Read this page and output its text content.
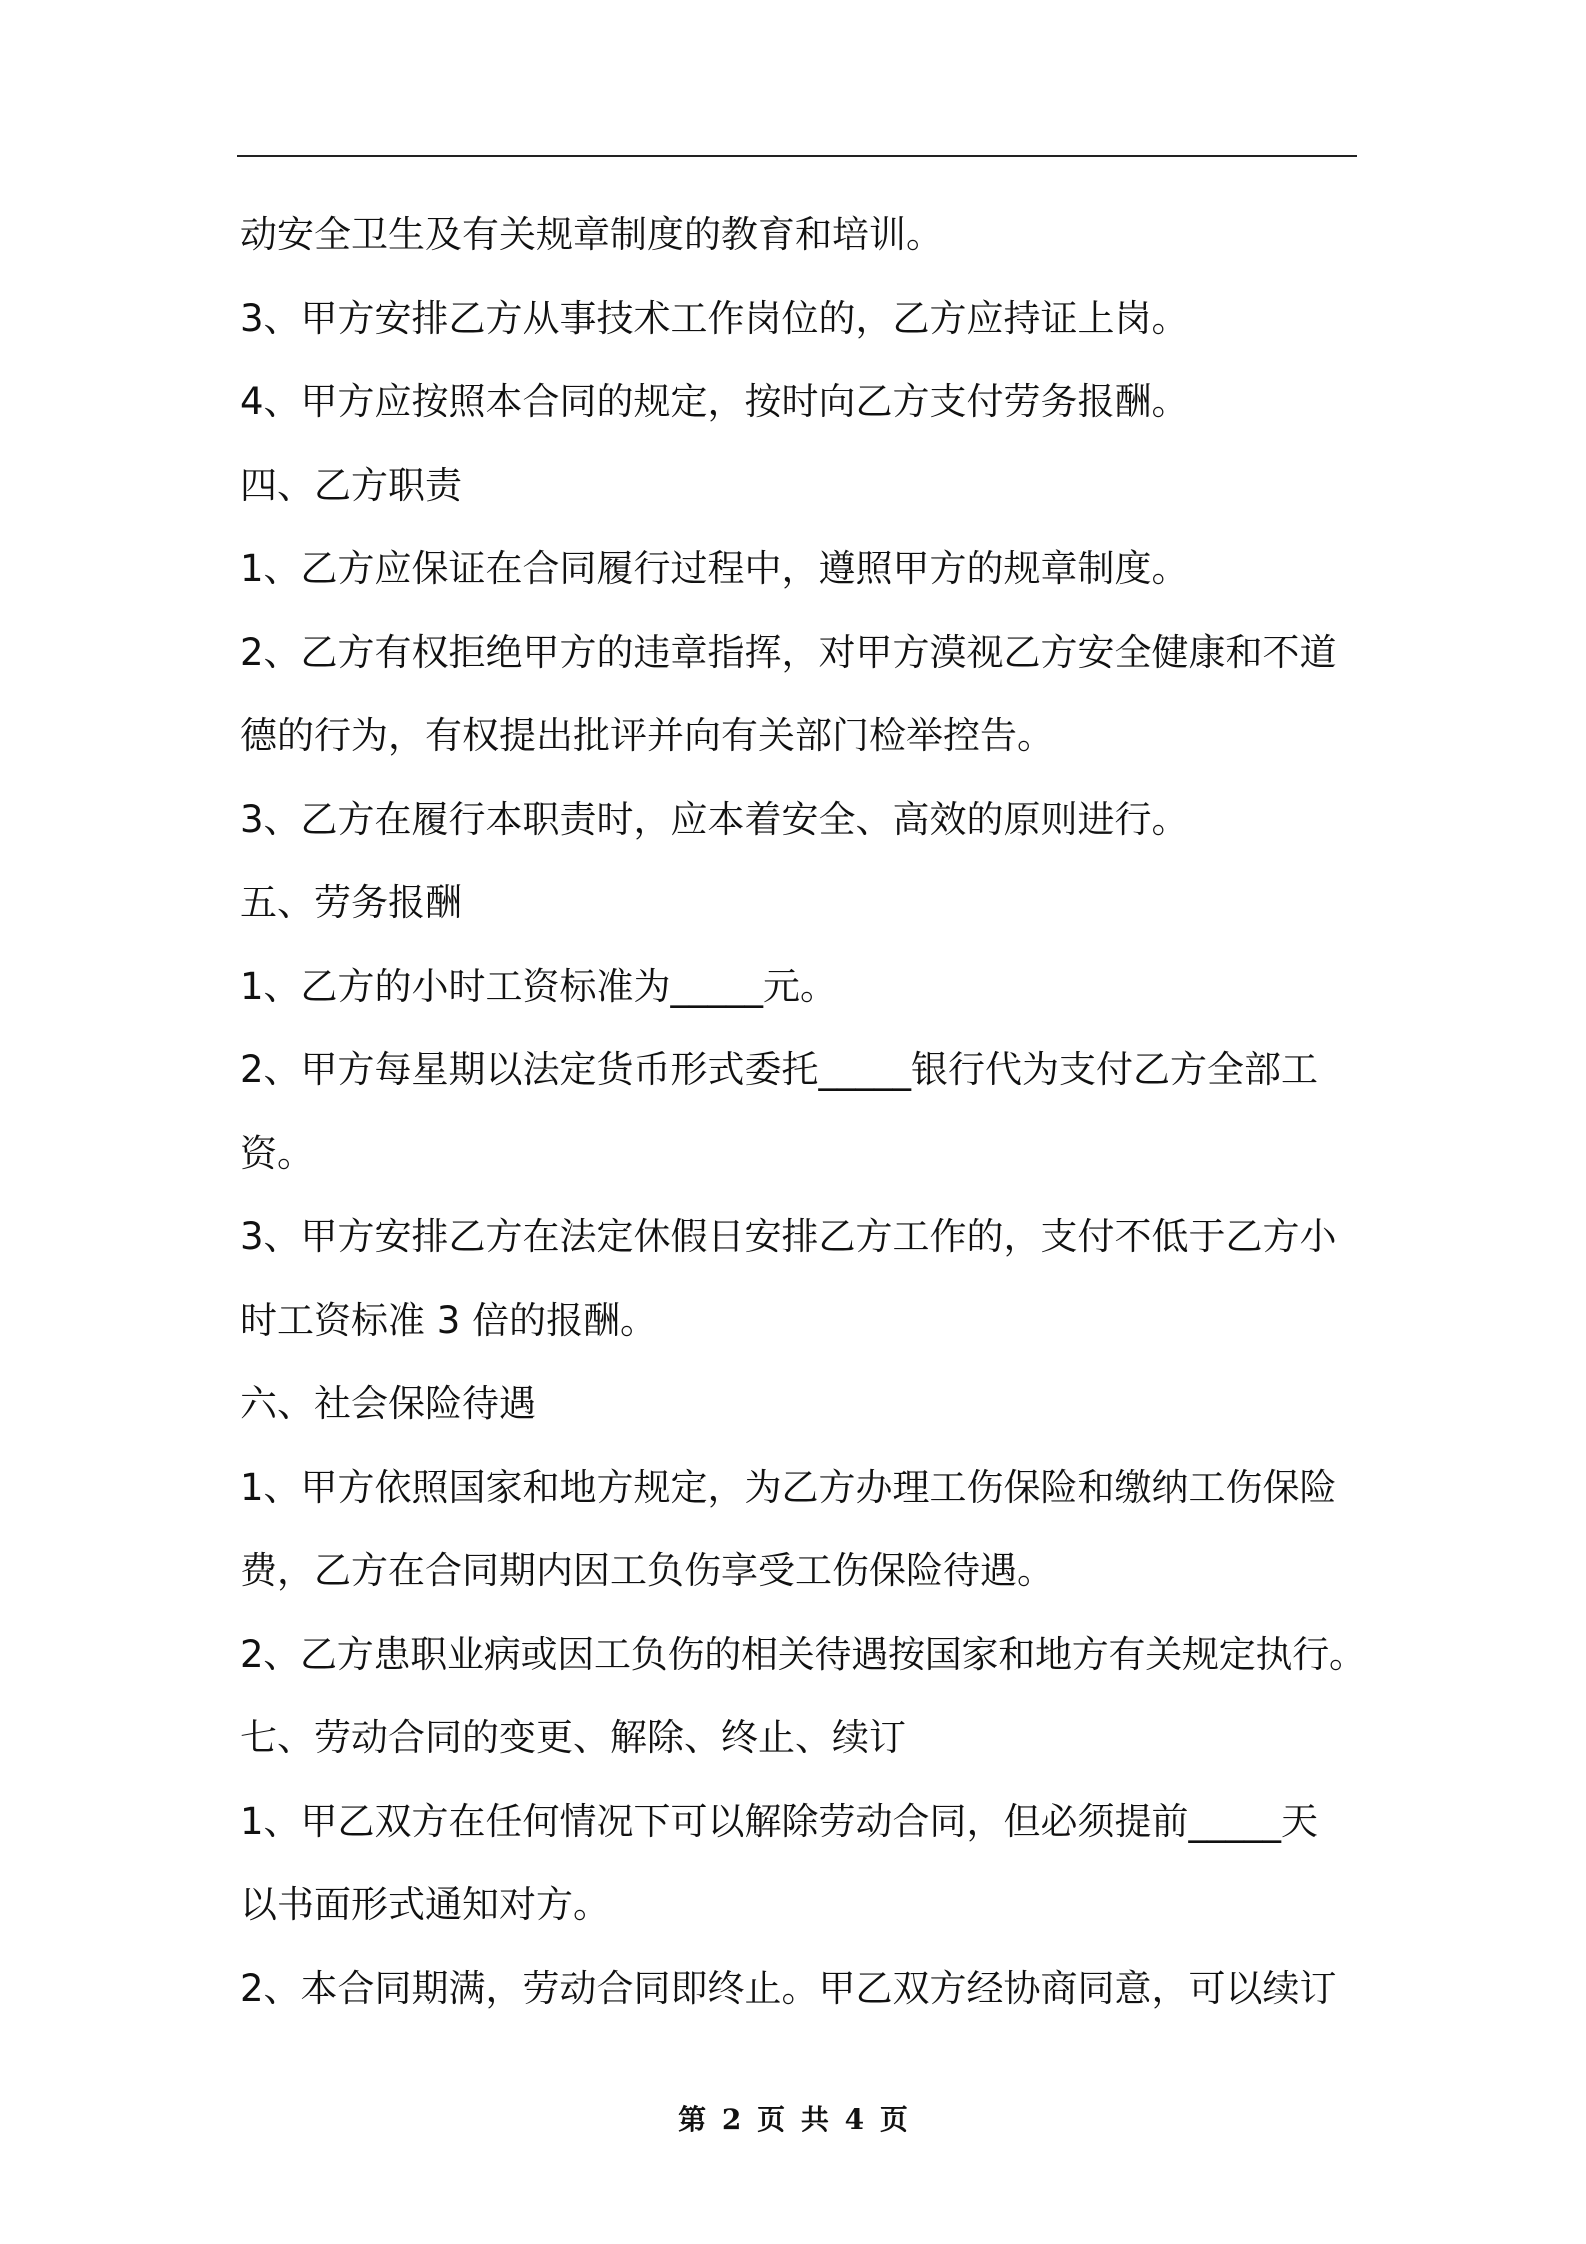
动安全卫生及有关规章制度的教育和培训。
3、甲方安排乙方从事技术工作岗位的，乙方应持证上岗。
4、甲方应按照本合同的规定，按时向乙方支付劳务报酬。
四、乙方职责
1、乙方应保证在合同履行过程中，遵照甲方的规章制度。
2、乙方有权拒绝甲方的违章指挥，对甲方漠视乙方安全健康和不道
德的行为，有权提出批评并向有关部门检举控告。
3、乙方在履行本职责时，应本着安全、高效的原则进行。
五、劳务报酬
1、乙方的小时工资标准为_____元。
2、甲方每星期以法定货币形式委托_____银行代为支付乙方全部工
资。
3、甲方安排乙方在法定休假日安排乙方工作的，支付不低于乙方小
时工资标准 3 倍的报酬。
六、社会保险待遇
1、甲方依照国家和地方规定，为乙方办理工伤保险和缴纳工伤保险
费，乙方在合同期内因工负伤享受工伤保险待遇。
2、乙方患职业病或因工负伤的相关待遇按国家和地方有关规定执行。
七、劳动合同的变更、解除、终止、续订
1、甲乙双方在任何情况下可以解除劳动合同，但必须提前_____天
以书面形式通知对方。
2、本合同期满，劳动合同即终止。甲乙双方经协商同意，可以续订
第 2 页 共 4 页
